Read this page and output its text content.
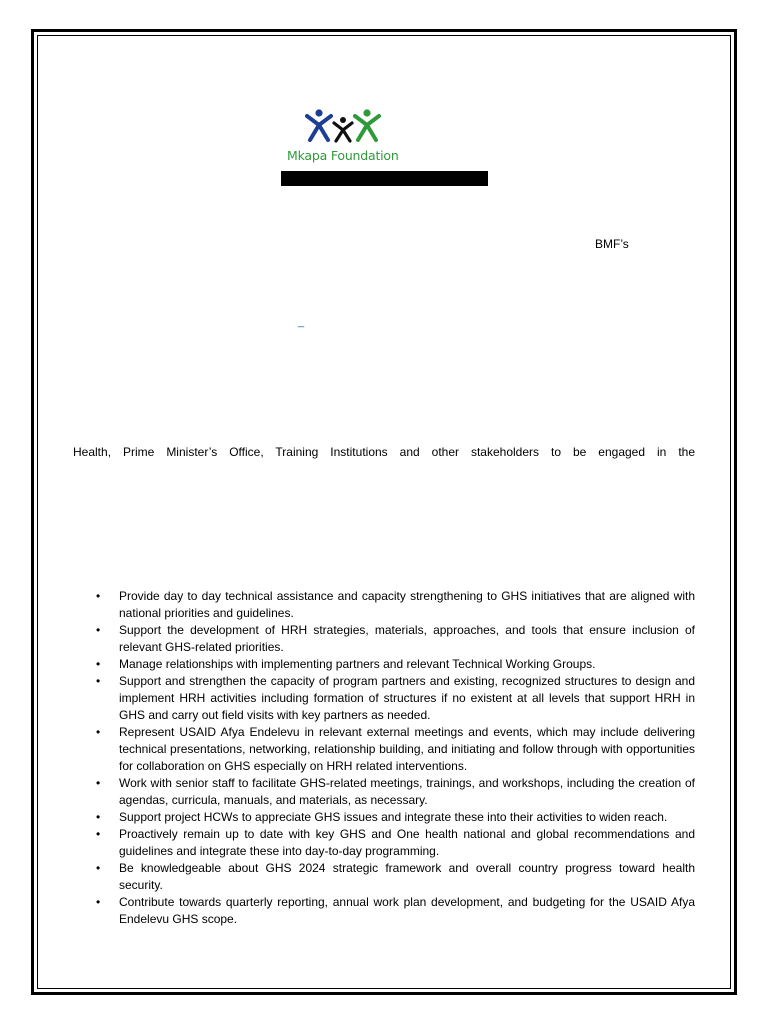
Mkapa Foundation
BMF’s
_
Health, Prime Minister’s Office, Training Institutions and other stakeholders to be engaged in the
• Provide day to day technical assistance and capacity strengthening to GHS initiatives that are aligned with national priorities and guidelines.
• Support the development of HRH strategies, materials, approaches, and tools that ensure inclusion of relevant GHS-related priorities.
• Manage relationships with implementing partners and relevant Technical Working Groups.
• Support and strengthen the capacity of program partners and existing, recognized structures to design and implement HRH activities including formation of structures if no existent at all levels that support HRH in GHS and carry out field visits with key partners as needed.
• Represent USAID Afya Endelevu in relevant external meetings and events, which may include delivering technical presentations, networking, relationship building, and initiating and follow through with opportunities for collaboration on GHS especially on HRH related interventions.
• Work with senior staff to facilitate GHS-related meetings, trainings, and workshops, including the creation of agendas, curricula, manuals, and materials, as necessary.
• Support project HCWs to appreciate GHS issues and integrate these into their activities to widen reach.
• Proactively remain up to date with key GHS and One health national and global recommendations and guidelines and integrate these into day-to-day programming.
• Be knowledgeable about GHS 2024 strategic framework and overall country progress toward health security.
• Contribute towards quarterly reporting, annual work plan development, and budgeting for the USAID Afya Endelevu GHS scope.
